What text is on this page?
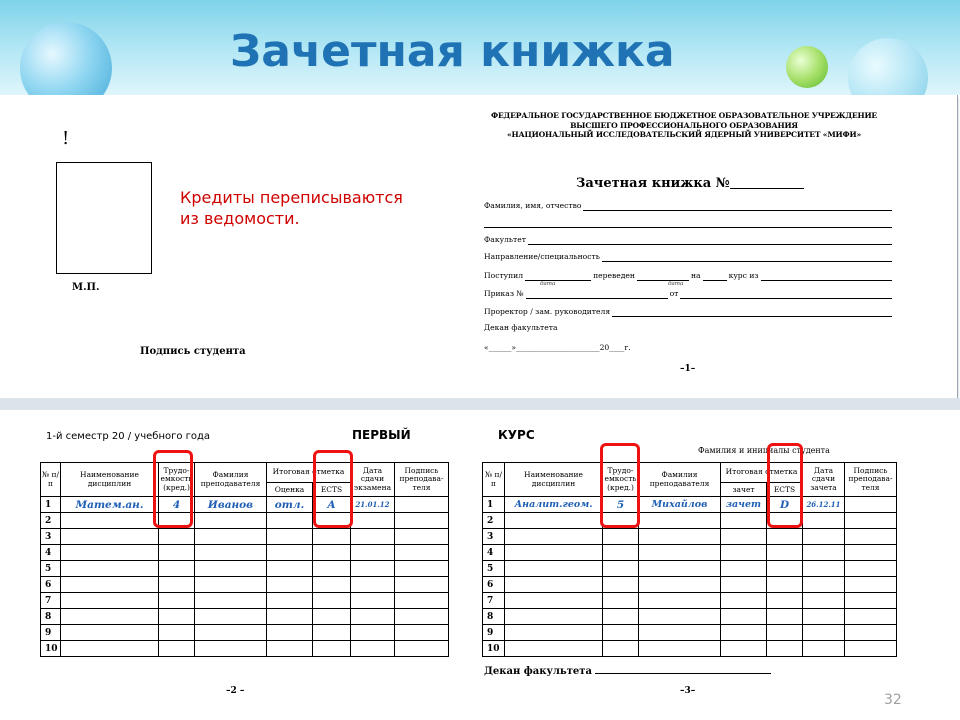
Зачетная книжка
!
М.П.
Подпись студента
Кредиты переписываются из ведомости.
ФЕДЕРАЛЬНОЕ ГОСУДАРСТВЕННОЕ БЮДЖЕТНОЕ ОБРАЗОВАТЕЛЬНОЕ УЧРЕЖДЕНИЕ
ВЫСШЕГО ПРОФЕССИОНАЛЬНОГО ОБРАЗОВАНИЯ
«НАЦИОНАЛЬНЫЙ ИССЛЕДОВАТЕЛЬСКИЙ ЯДЕРНЫЙ УНИВЕРСИТЕТ «МИФИ»
Зачетная книжка №
Фамилия, имя, отчество
Факультет
Направление/специальность
Поступил	переведен	на	курс из
дата	дата
Приказ №	от
Проректор / зам. руководителя
Декан факультета
«______»______________________20____г.
–1–
1-й семестр 20 / учебного года	ПЕРВЫЙ	КУРС
Фамилия и инициалы студента
№ п/п	Наименование дисциплин	Трудо-емкость (кред.)	Фамилия преподавателя	Итоговая отметка		Дата сдачи экзамена	Подпись преподава-теля
				Оценка	ECTS		
1	Матем.ан.	4	Иванов	отл.	A	21.01.12	
2							
3							
4							
5							
6							
7							
8							
9							
10							
№ п/п	Наименование дисциплин	Трудо-емкость (кред.)	Фамилия преподавателя	Итоговая отметка		Дата сдачи зачета	Подпись преподава-теля
				зачет	ECTS		
1	Аналит.геом.	5	Михайлов	зачет	D	26.12.11	
2							
3							
4							
5							
6							
7							
8							
9							
10							
–2 –	–3–
Декан факультета
32
